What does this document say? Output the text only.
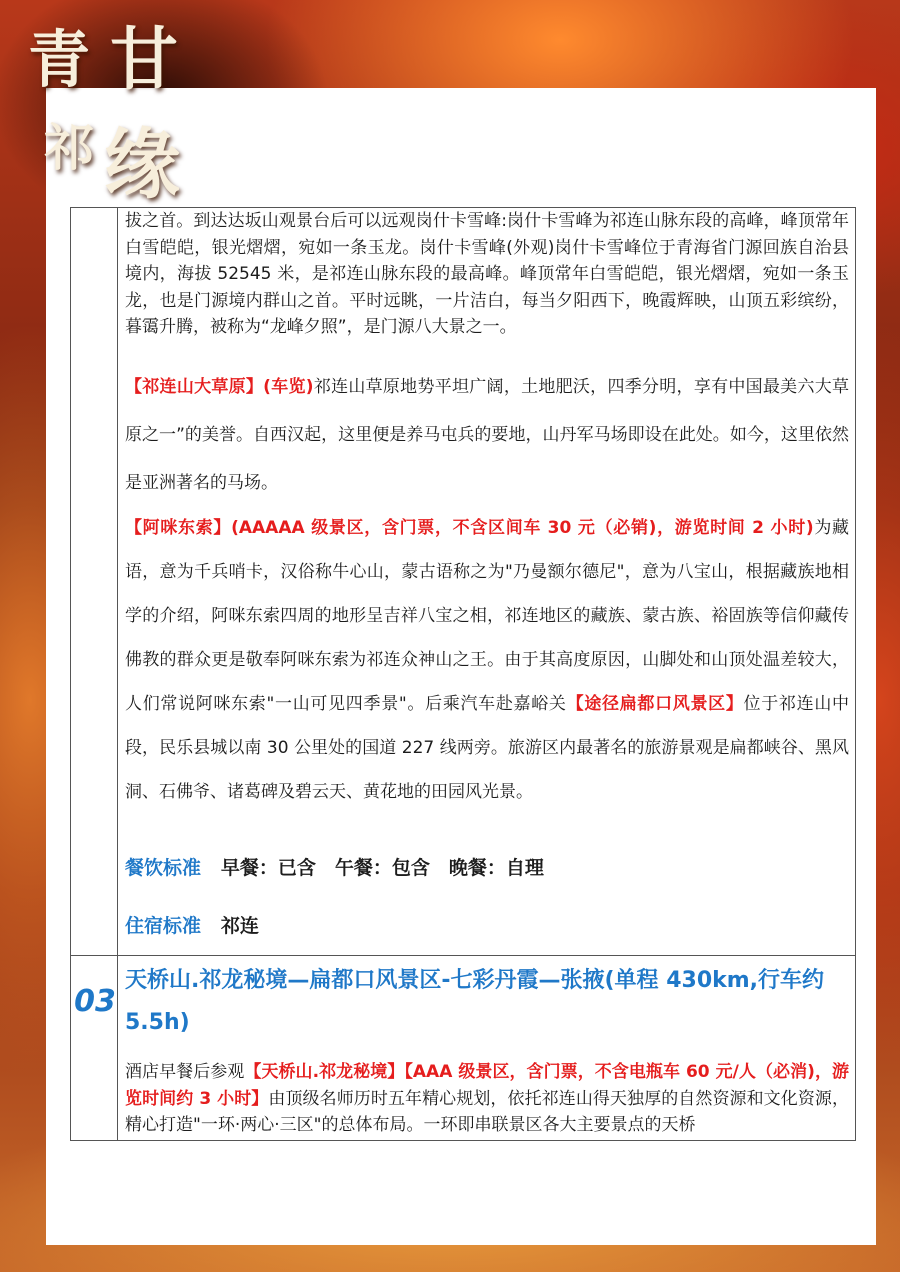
青 甘
祁 缘

拔之首。到达达坂山观景台后可以远观岗什卡雪峰:岗什卡雪峰为祁连山脉东段的高峰，峰顶常年白雪皑皑，银光熠熠，宛如一条玉龙。岗什卡雪峰(外观)岗什卡雪峰位于青海省门源回族自治县境内，海拔 52545 米，是祁连山脉东段的最高峰。峰顶常年白雪皑皑，银光熠熠，宛如一条玉龙，也是门源境内群山之首。平时远眺，一片洁白，每当夕阳西下，晚霞辉映，山顶五彩缤纷，暮霭升腾，被称为“龙峰夕照”，是门源八大景之一。

【祁连山大草原】(车览)祁连山草原地势平坦广阔，土地肥沃，四季分明，享有中国最美六大草原之一”的美誉。自西汉起，这里便是养马屯兵的要地，山丹军马场即设在此处。如今，这里依然是亚洲著名的马场。

【阿咪东索】(AAAAA 级景区，含门票，不含区间车 30 元（必销)，游览时间 2 小时)为藏语，意为千兵哨卡，汉俗称牛心山，蒙古语称之为"乃曼额尔德尼"，意为八宝山，根据藏族地相学的介绍，阿咪东索四周的地形呈吉祥八宝之相，祁连地区的藏族、蒙古族、裕固族等信仰藏传佛教的群众更是敬奉阿咪东索为祁连众神山之王。由于其高度原因，山脚处和山顶处温差较大，人们常说阿咪东索"一山可见四季景"。后乘汽车赴嘉峪关【途径扁都口风景区】位于祁连山中段，民乐县城以南 30 公里处的国道 227 线两旁。旅游区内最著名的旅游景观是扁都峡谷、黑风洞、石佛爷、诸葛碑及碧云天、黄花地的田园风光景。

餐饮标准 早餐：已含　午餐：包含　晚餐：自理
住宿标准 祁连
03

天桥山.祁龙秘境—扁都口风景区-七彩丹霞—张掖(单程 430km,行车约 5.5h)

酒店早餐后参观【天桥山.祁龙秘境】【AAA 级景区，含门票，不含电瓶车 60 元/人（必消)，游览时间约 3 小时】由顶级名师历时五年精心规划，依托祁连山得天独厚的自然资源和文化资源，精心打造"一环·两心·三区"的总体布局。一环即串联景区各大主要景点的天桥
